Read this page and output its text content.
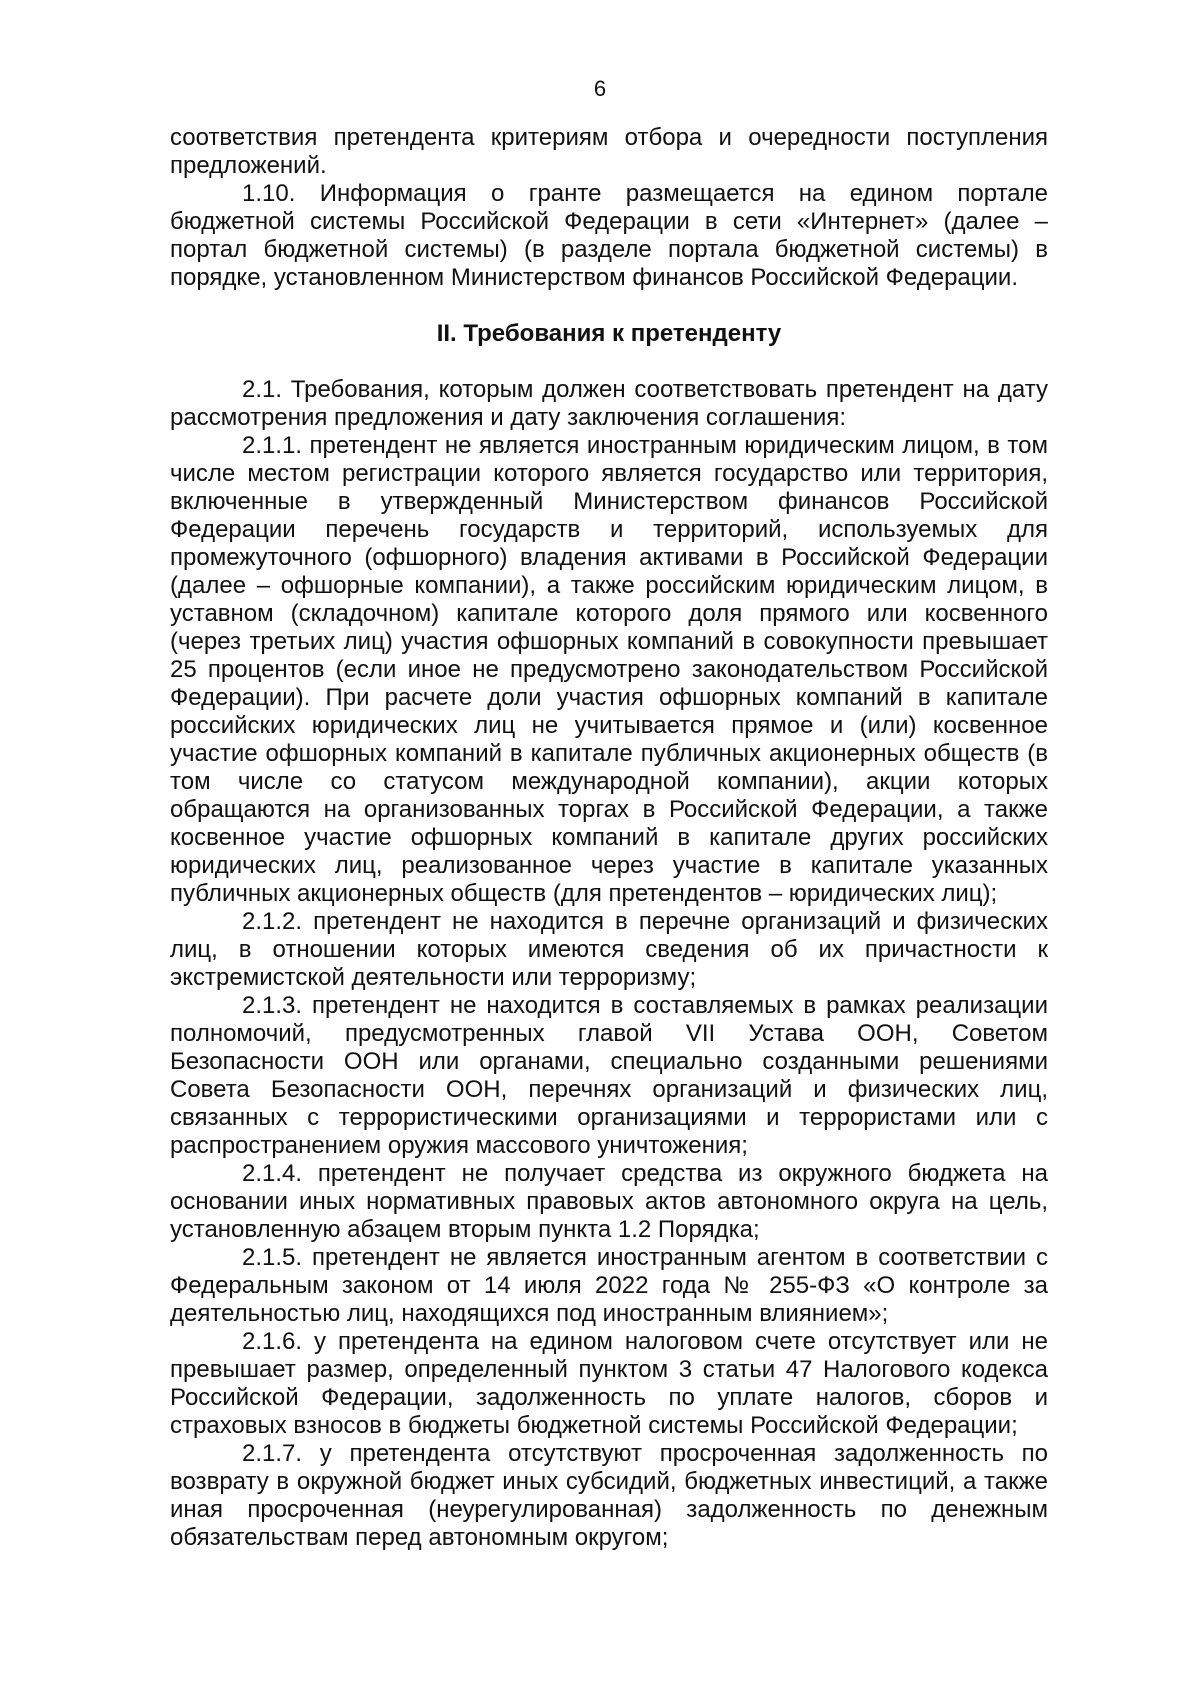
6

соответствия претендента критериям отбора и очередности поступления предложений.

1.10. Информация о гранте размещается на едином портале бюджетной системы Российской Федерации в сети «Интернет» (далее – портал бюджетной системы) (в разделе портала бюджетной системы) в порядке, установленном Министерством финансов Российской Федерации.

II. Требования к претенденту

2.1. Требования, которым должен соответствовать претендент на дату рассмотрения предложения и дату заключения соглашения:

2.1.1. претендент не является иностранным юридическим лицом, в том числе местом регистрации которого является государство или территория, включенные в утвержденный Министерством финансов Российской Федерации перечень государств и территорий, используемых для промежуточного (офшорного) владения активами в Российской Федерации (далее – офшорные компании), а также российским юридическим лицом, в уставном (складочном) капитале которого доля прямого или косвенного (через третьих лиц) участия офшорных компаний в совокупности превышает 25 процентов (если иное не предусмотрено законодательством Российской Федерации). При расчете доли участия офшорных компаний в капитале российских юридических лиц не учитывается прямое и (или) косвенное участие офшорных компаний в капитале публичных акционерных обществ (в том числе со статусом международной компании), акции которых обращаются на организованных торгах в Российской Федерации, а также косвенное участие офшорных компаний в капитале других российских юридических лиц, реализованное через участие в капитале указанных публичных акционерных обществ (для претендентов – юридических лиц);

2.1.2. претендент не находится в перечне организаций и физических лиц, в отношении которых имеются сведения об их причастности к экстремистской деятельности или терроризму;

2.1.3. претендент не находится в составляемых в рамках реализации полномочий, предусмотренных главой VII Устава ООН, Советом Безопасности ООН или органами, специально созданными решениями Совета Безопасности ООН, перечнях организаций и физических лиц, связанных с террористическими организациями и террористами или с распространением оружия массового уничтожения;

2.1.4. претендент не получает средства из окружного бюджета на основании иных нормативных правовых актов автономного округа на цель, установленную абзацем вторым пункта 1.2 Порядка;

2.1.5. претендент не является иностранным агентом в соответствии с Федеральным законом от 14 июля 2022 года № 255-ФЗ «О контроле за деятельностью лиц, находящихся под иностранным влиянием»;

2.1.6. у претендента на едином налоговом счете отсутствует или не превышает размер, определенный пунктом 3 статьи 47 Налогового кодекса Российской Федерации, задолженность по уплате налогов, сборов и страховых взносов в бюджеты бюджетной системы Российской Федерации;

2.1.7. у претендента отсутствуют просроченная задолженность по возврату в окружной бюджет иных субсидий, бюджетных инвестиций, а также иная просроченная (неурегулированная) задолженность по денежным обязательствам перед автономным округом;
